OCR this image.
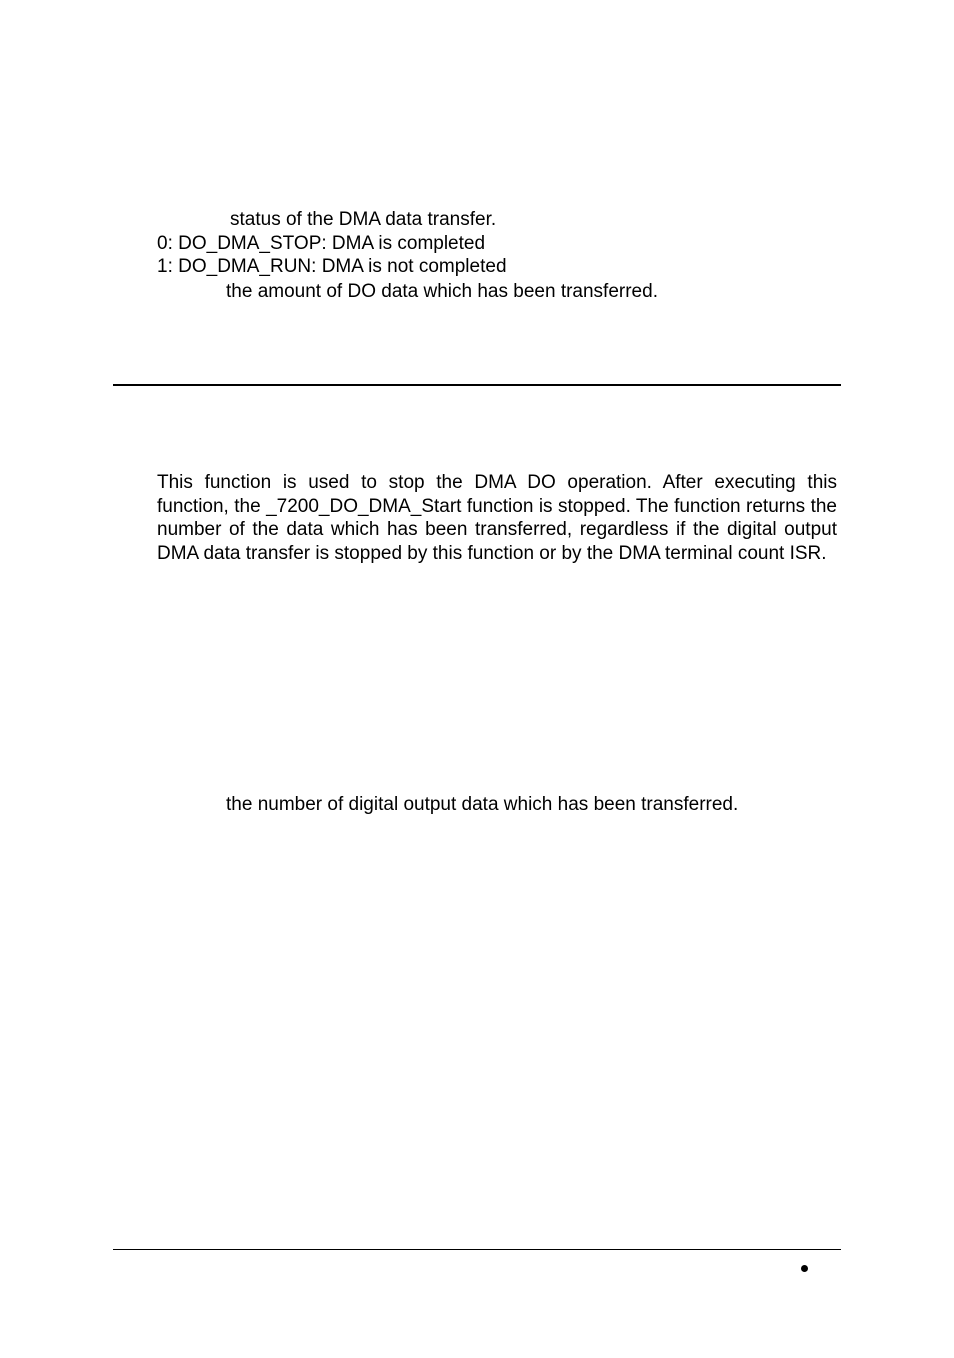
status of the DMA data transfer.
0: DO_DMA_STOP: DMA is completed
1: DO_DMA_RUN: DMA is not completed
the amount of DO data which has been transferred.
This function is used to stop the DMA DO operation. After executing this function, the _7200_DO_DMA_Start function is stopped. The function returns the number of the data which has been transferred, regardless if the digital output DMA data transfer is stopped by this function or by the DMA terminal count ISR.
the number of digital output data which has been transferred.
